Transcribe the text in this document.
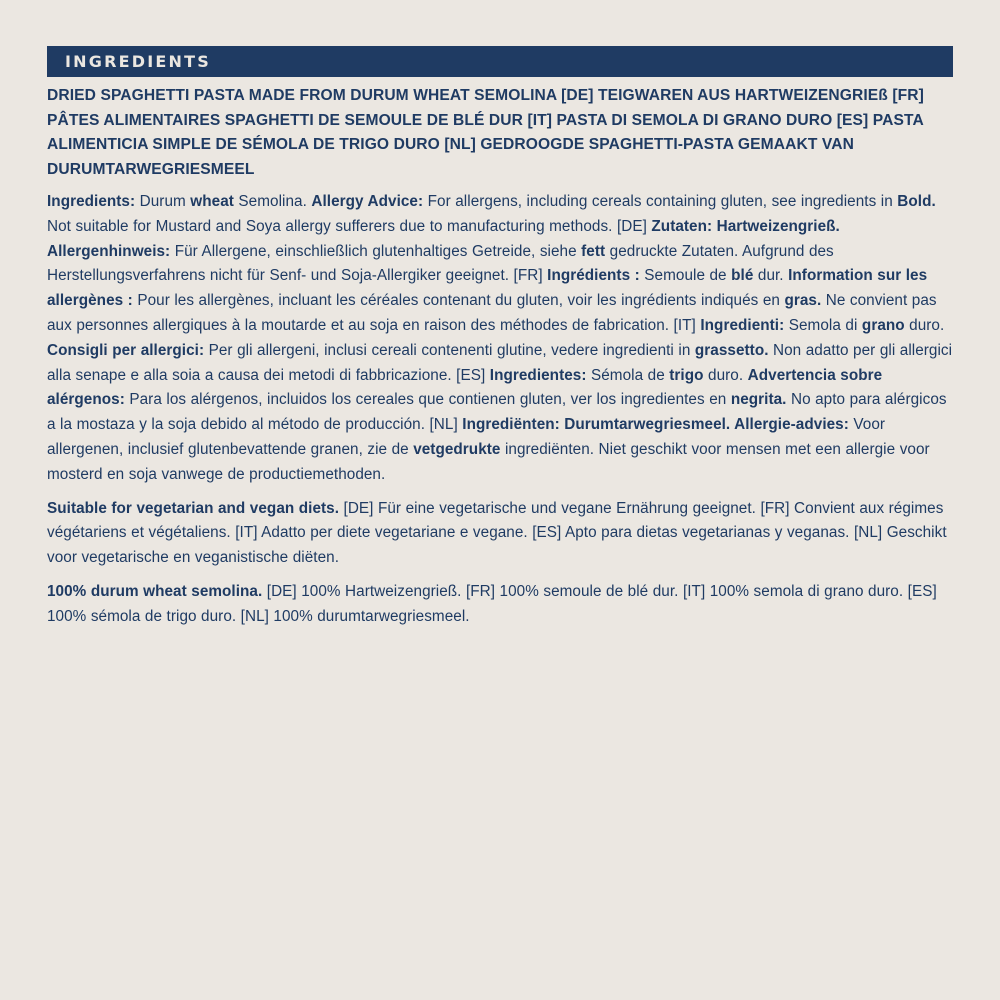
INGREDIENTS
DRIED SPAGHETTI PASTA MADE FROM DURUM WHEAT SEMOLINA [DE] TEIGWAREN AUS HARTWEIZENGRIEß [FR] PÂTES ALIMENTAIRES SPAGHETTI DE SEMOULE DE BLÉ DUR [IT] PASTA DI SEMOLA DI GRANO DURO [ES] PASTA ALIMENTICIA SIMPLE DE SÉMOLA DE TRIGO DURO [NL] GEDROOGDE SPAGHETTI-PASTA GEMAAKT VAN DURUMTARWEGRIESMEEL
Ingredients: Durum wheat Semolina. Allergy Advice: For allergens, including cereals containing gluten, see ingredients in Bold. Not suitable for Mustard and Soya allergy sufferers due to manufacturing methods. [DE] Zutaten: Hartweizengrieß. Allergenhinweis: Für Allergene, einschließlich glutenhaltiges Getreide, siehe fett gedruckte Zutaten. Aufgrund des Herstellungsverfahrens nicht für Senf- und Soja-Allergiker geeignet. [FR] Ingrédients : Semoule de blé dur. Information sur les allergènes : Pour les allergènes, incluant les céréales contenant du gluten, voir les ingrédients indiqués en gras. Ne convient pas aux personnes allergiques à la moutarde et au soja en raison des méthodes de fabrication. [IT] Ingredienti: Semola di grano duro. Consigli per allergici: Per gli allergeni, inclusi cereali contenenti glutine, vedere ingredienti in grassetto. Non adatto per gli allergici alla senape e alla soia a causa dei metodi di fabbricazione. [ES] Ingredientes: Sémola de trigo duro. Advertencia sobre alérgenos: Para los alérgenos, incluidos los cereales que contienen gluten, ver los ingredientes en negrita. No apto para alérgicos a la mostaza y la soja debido al método de producción. [NL] Ingrediënten: Durumtarwegriesmeel. Allergie-advies: Voor allergenen, inclusief glutenbevattende granen, zie de vetgedrukte ingrediënten. Niet geschikt voor mensen met een allergie voor mosterd en soja vanwege de productiemethoden.
Suitable for vegetarian and vegan diets. [DE] Für eine vegetarische und vegane Ernährung geeignet. [FR] Convient aux régimes végétariens et végétaliens. [IT] Adatto per diete vegetariane e vegane. [ES] Apto para dietas vegetarianas y veganas. [NL] Geschikt voor vegetarische en veganistische diëten.
100% durum wheat semolina. [DE] 100% Hartweizengrieß. [FR] 100% semoule de blé dur. [IT] 100% semola di grano duro. [ES] 100% sémola de trigo duro. [NL] 100% durumtarwegriesmeel.
